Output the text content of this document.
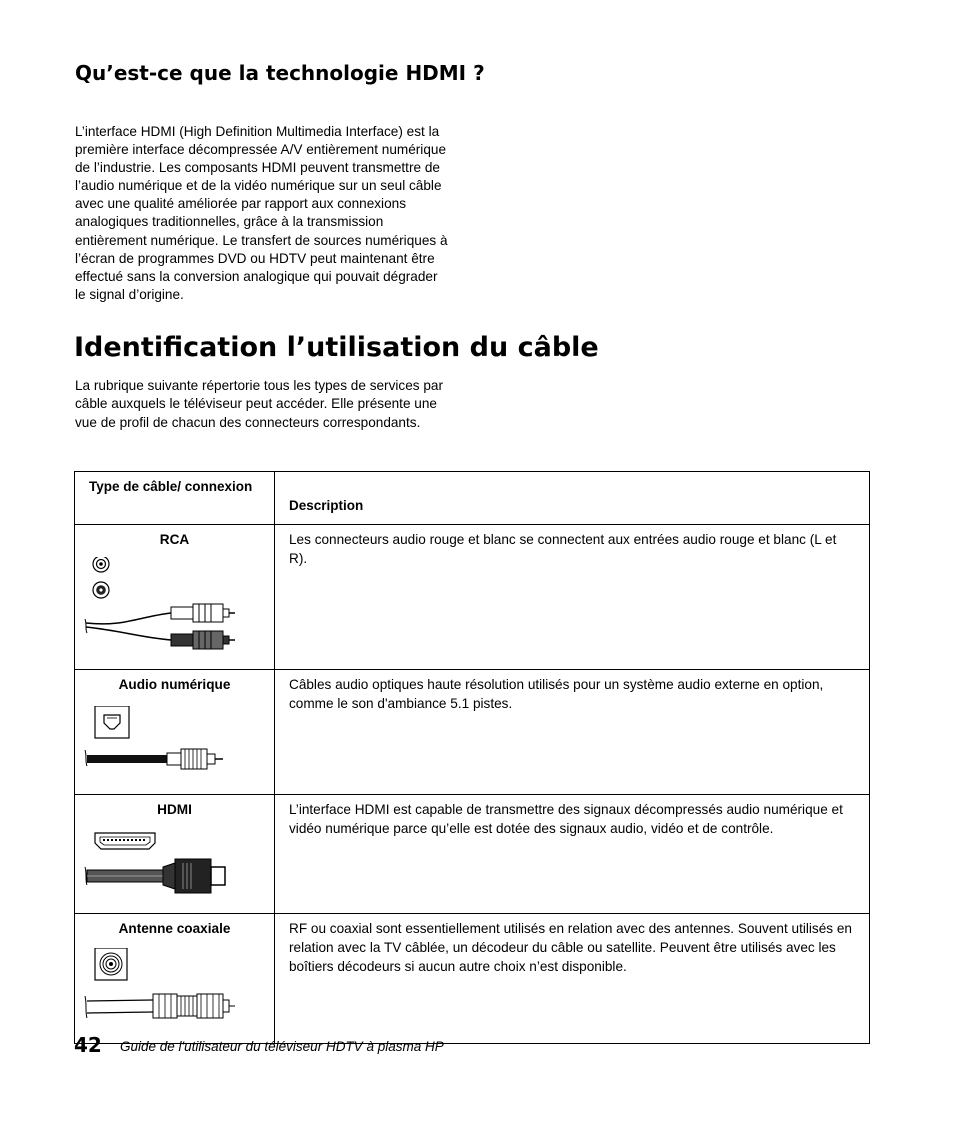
Qu’est-ce que la technologie HDMI ?

L’interface HDMI (High Definition Multimedia Interface) est la première interface décompressée A/V entièrement numérique de l’industrie. Les composants HDMI peuvent transmettre de l’audio numérique et de la vidéo numérique sur un seul câble avec une qualité améliorée par rapport aux connexions analogiques traditionnelles, grâce à la transmission entièrement numérique. Le transfert de sources numériques à l’écran de programmes DVD ou HDTV peut maintenant être effectué sans la conversion analogique qui pouvait dégrader le signal d’origine.

Identification l’utilisation du câble

La rubrique suivante répertorie tous les types de services par câble auxquels le téléviseur peut accéder. Elle présente une vue de profil de chacun des connecteurs correspondants.

Type de câble/ connexion	Description

RCA	Les connecteurs audio rouge et blanc se connectent aux entrées audio rouge et blanc (L et R).

Audio numérique	Câbles audio optiques haute résolution utilisés pour un système audio externe en option, comme le son d'ambiance 5.1 pistes.

HDMI	L’interface HDMI est capable de transmettre des signaux décompressés audio numérique et vidéo numérique parce qu’elle est dotée des signaux audio, vidéo et de contrôle.

Antenne coaxiale	RF ou coaxial sont essentiellement utilisés en relation avec des antennes. Souvent utilisés en relation avec la TV câblée, un décodeur du câble ou satellite. Peuvent être utilisés avec les boîtiers décodeurs si aucun autre choix n’est disponible.
42 Guide de l'utilisateur du téléviseur HDTV à plasma HP
